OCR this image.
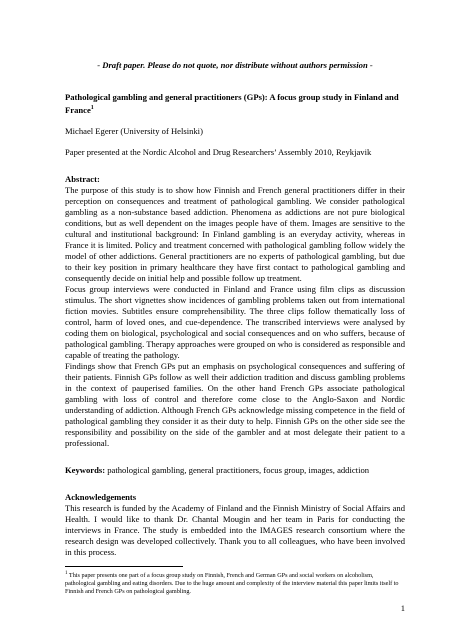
- Draft paper. Please do not quote, nor distribute without authors permission -

Pathological gambling and general practitioners (GPs): A focus group study in Finland and France$^1$

Michael Egerer (University of Helsinki)

Paper presented at the Nordic Alcohol and Drug Researchers’ Assembly 2010, Reykjavik

Abstract:

The purpose of this study is to show how Finnish and French general practitioners differ in their perception on consequences and treatment of pathological gambling. We consider pathological gambling as a non-substance based addiction. Phenomena as addictions are not pure biological conditions, but as well dependent on the images people have of them. Images are sensitive to the cultural and institutional background: In Finland gambling is an everyday activity, whereas in France it is limited. Policy and treatment concerned with pathological gambling follow widely the model of other addictions. General practitioners are no experts of pathological gambling, but due to their key position in primary healthcare they have first contact to pathological gambling and consequently decide on initial help and possible follow up treatment.

Focus group interviews were conducted in Finland and France using film clips as discussion stimulus. The short vignettes show incidences of gambling problems taken out from international fiction movies. Subtitles ensure comprehensibility. The three clips follow thematically loss of control, harm of loved ones, and cue-dependence. The transcribed interviews were analysed by coding them on biological, psychological and social consequences and on who suffers, because of pathological gambling. Therapy approaches were grouped on who is considered as responsible and capable of treating the pathology.

Findings show that French GPs put an emphasis on psychological consequences and suffering of their patients. Finnish GPs follow as well their addiction tradition and discuss gambling problems in the context of pauperised families. On the other hand French GPs associate pathological gambling with loss of control and therefore come close to the Anglo-Saxon and Nordic understanding of addiction. Although French GPs acknowledge missing competence in the field of pathological gambling they consider it as their duty to help. Finnish GPs on the other side see the responsibility and possibility on the side of the gambler and at most delegate their patient to a professional.

Keywords: pathological gambling, general practitioners, focus group, images, addiction

Acknowledgements

This research is funded by the Academy of Finland and the Finnish Ministry of Social Affairs and Health. I would like to thank Dr. Chantal Mougin and her team in Paris for conducting the interviews in France. The study is embedded into the IMAGES research consortium where the research design was developed collectively. Thank you to all colleagues, who have been involved in this process.

$^1$ This paper presents one part of a focus group study on Finnish, French and German GPs and social workers on alcoholism, pathological gambling and eating disorders. Due to the huge amount and complexity of the interview material this paper limits itself to Finnish and French GPs on pathological gambling.

1
